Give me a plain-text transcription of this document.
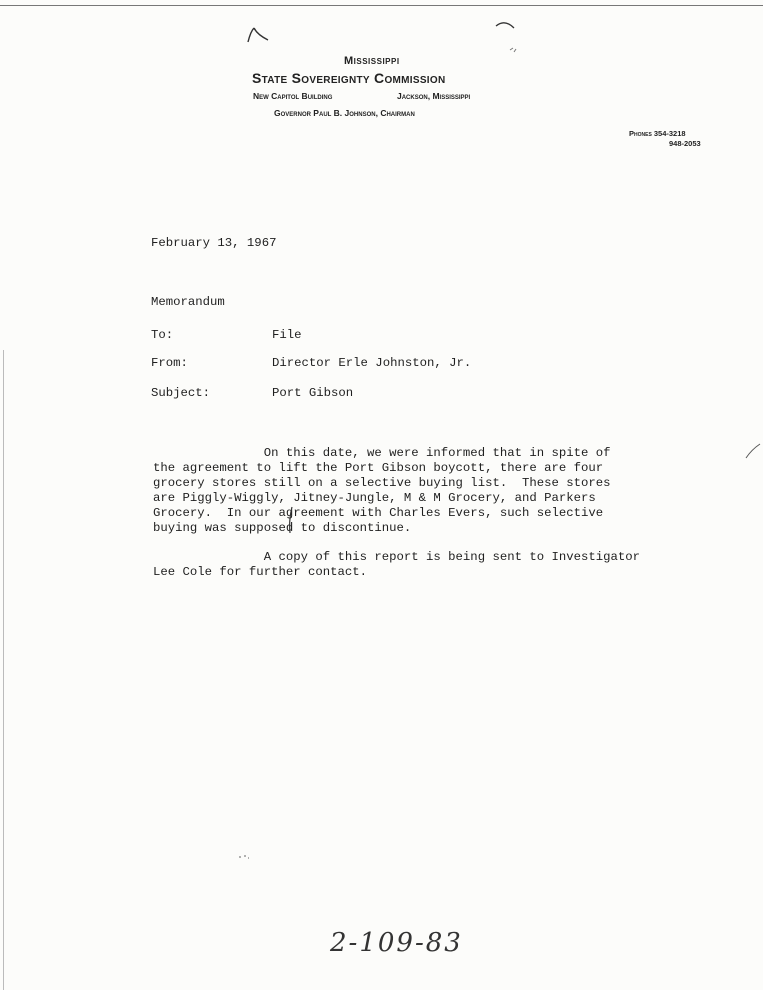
Mississippi
State Sovereignty Commission
New Capitol Building	Jackson, Mississippi
Governor Paul B. Johnson, Chairman
Phones 354-3218
948-2053
February 13, 1967
Memorandum
To:	File
From:	Director Erle Johnston, Jr.
Subject:	Port Gibson
On this date, we were informed that in spite of
the agreement to lift the Port Gibson boycott, there are four
grocery stores still on a selective buying list.  These stores
are Piggly-Wiggly, Jitney-Jungle, M & M Grocery, and Parkers
Grocery.  In our agreement with Charles Evers, such selective
buying was supposed to discontinue.
A copy of this report is being sent to Investigator
Lee Cole for further contact.
2-109-83
